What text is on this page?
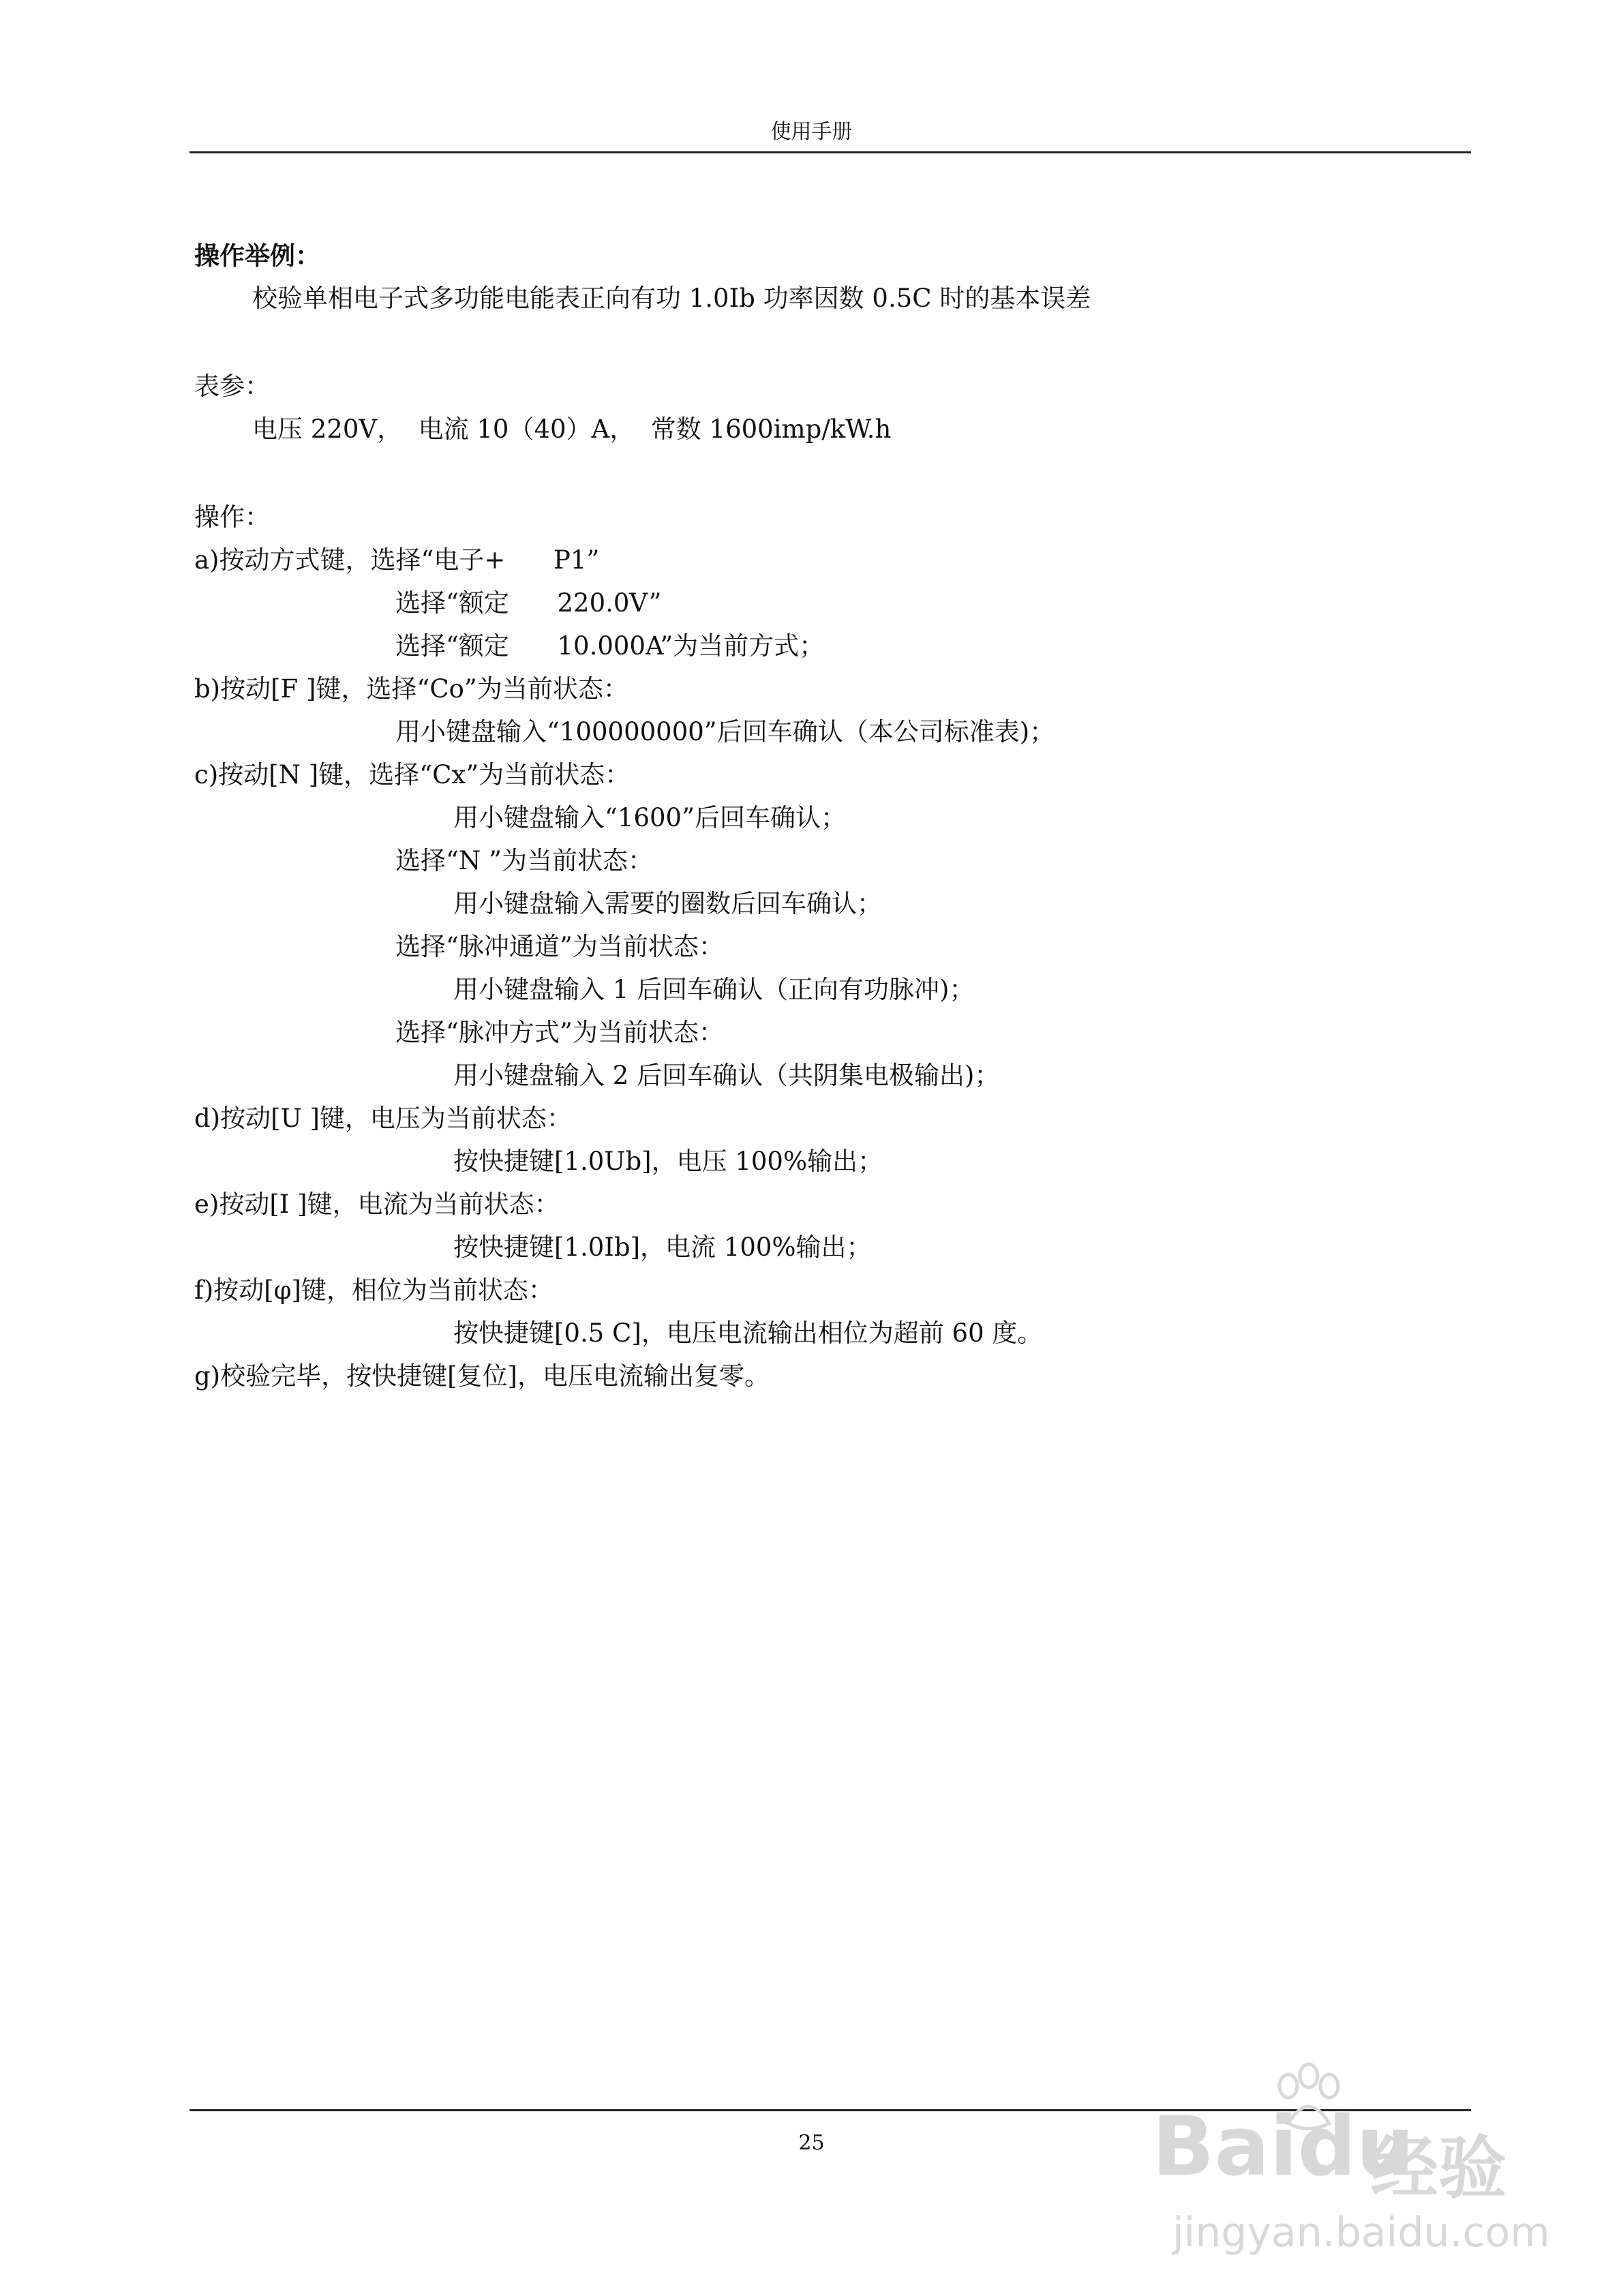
使用手册
操作举例：
校验单相电子式多功能电能表正向有功 1.0Ib 功率因数 0.5C 时的基本误差
表参：
电压 220V，  电流 10（40）A，  常数 1600imp/kW.h
操作：
a)按动方式键，选择“电子+      P1”
选择“额定      220.0V”
选择“额定      10.000A”为当前方式；
b)按动[F ]键，选择“Co”为当前状态：
用小键盘输入“100000000”后回车确认（本公司标准表)；
c)按动[N ]键，选择“Cx”为当前状态：
用小键盘输入“1600”后回车确认；
选择“N ”为当前状态：
用小键盘输入需要的圈数后回车确认；
选择“脉冲通道”为当前状态：
用小键盘输入 1 后回车确认（正向有功脉冲)；
选择“脉冲方式”为当前状态：
用小键盘输入 2 后回车确认（共阴集电极输出)；
d)按动[U ]键，电压为当前状态：
按快捷键[1.0Ub]，电压 100%输出；
e)按动[I ]键，电流为当前状态：
按快捷键[1.0Ib]，电流 100%输出；
f)按动[φ]键，相位为当前状态：
按快捷键[0.5 C]，电压电流输出相位为超前 60 度。
g)校验完毕，按快捷键[复位]，电压电流输出复零。
25	Baidu
经验
jingyan.baidu.com
